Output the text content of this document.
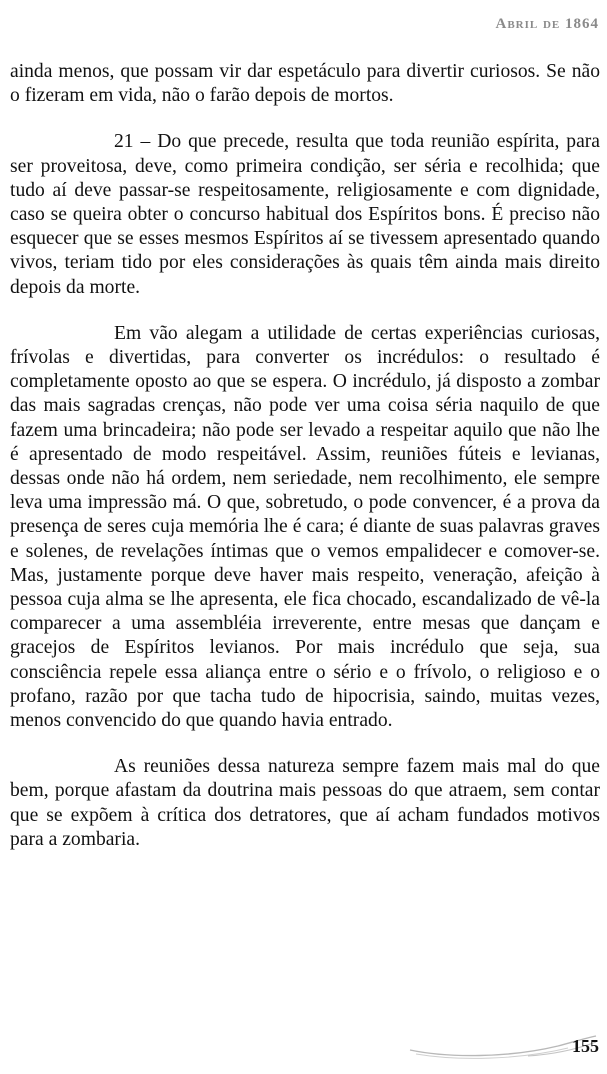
Abril de 1864

ainda menos, que possam vir dar espetáculo para divertir curiosos. Se não o fizeram em vida, não o farão depois de mortos.

21 – Do que precede, resulta que toda reunião espírita, para ser proveitosa, deve, como primeira condição, ser séria e recolhida; que tudo aí deve passar-se respeitosamente, religiosamente e com dignidade, caso se queira obter o concurso habitual dos Espíritos bons. É preciso não esquecer que se esses mesmos Espíritos aí se tivessem apresentado quando vivos, teriam tido por eles considerações às quais têm ainda mais direito depois da morte.

Em vão alegam a utilidade de certas experiências curiosas, frívolas e divertidas, para converter os incrédulos: o resultado é completamente oposto ao que se espera. O incrédulo, já disposto a zombar das mais sagradas crenças, não pode ver uma coisa séria naquilo de que fazem uma brincadeira; não pode ser levado a respeitar aquilo que não lhe é apresentado de modo respeitável. Assim, reuniões fúteis e levianas, dessas onde não há ordem, nem seriedade, nem recolhimento, ele sempre leva uma impressão má. O que, sobretudo, o pode convencer, é a prova da presença de seres cuja memória lhe é cara; é diante de suas palavras graves e solenes, de revelações íntimas que o vemos empalidecer e comover-se. Mas, justamente porque deve haver mais respeito, veneração, afeição à pessoa cuja alma se lhe apresenta, ele fica chocado, escandalizado de vê-la comparecer a uma assembléia irreverente, entre mesas que dançam e gracejos de Espíritos levianos. Por mais incrédulo que seja, sua consciência repele essa aliança entre o sério e o frívolo, o religioso e o profano, razão por que tacha tudo de hipocrisia, saindo, muitas vezes, menos convencido do que quando havia entrado.

As reuniões dessa natureza sempre fazem mais mal do que bem, porque afastam da doutrina mais pessoas do que atraem, sem contar que se expõem à crítica dos detratores, que aí acham fundados motivos para a zombaria.

155
